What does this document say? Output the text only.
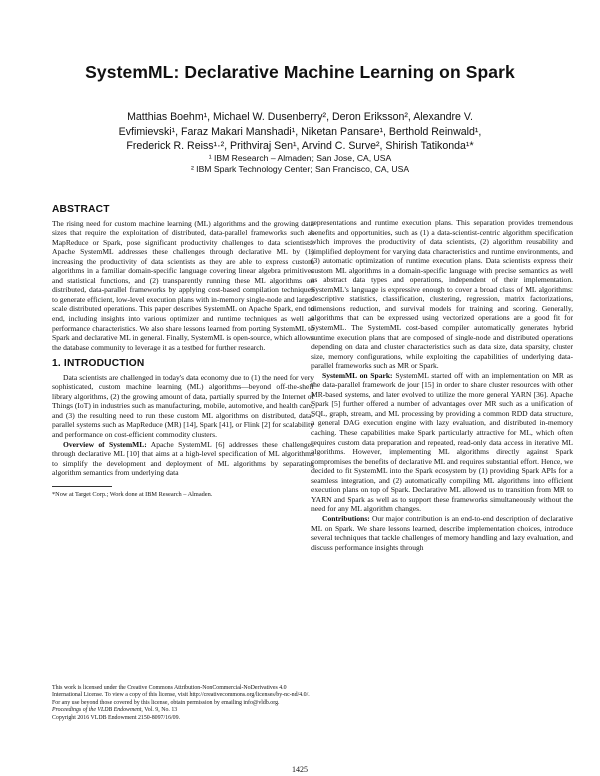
SystemML: Declarative Machine Learning on Spark
Matthias Boehm¹, Michael W. Dusenberry², Deron Eriksson², Alexandre V.
Evfimievski¹, Faraz Makari Manshadi¹, Niketan Pansare¹, Berthold Reinwald¹,
Frederick R. Reiss¹·², Prithviraj Sen¹, Arvind C. Surve², Shirish Tatikonda¹*
¹ IBM Research – Almaden; San Jose, CA, USA
² IBM Spark Technology Center; San Francisco, CA, USA
ABSTRACT

The rising need for custom machine learning (ML) algorithms and the growing data sizes that require the exploitation of distributed, data-parallel frameworks such as MapReduce or Spark, pose significant productivity challenges to data scientists. Apache SystemML addresses these challenges through declarative ML by (1) increasing the productivity of data scientists as they are able to express custom algorithms in a familiar domain-specific language covering linear algebra primitives and statistical functions, and (2) transparently running these ML algorithms on distributed, data-parallel frameworks by applying cost-based compilation techniques to generate efficient, low-level execution plans with in-memory single-node and large-scale distributed operations. This paper describes SystemML on Apache Spark, end to end, including insights into various optimizer and runtime techniques as well as performance characteristics. We also share lessons learned from porting SystemML to Spark and declarative ML in general. Finally, SystemML is open-source, which allows the database community to leverage it as a testbed for further research.

1. INTRODUCTION

Data scientists are challenged in today's data economy due to (1) the need for very sophisticated, custom machine learning (ML) algorithms—beyond off-the-shelf library algorithms, (2) the growing amount of data, partially spurred by the Internet of Things (IoT) in industries such as manufacturing, mobile, automotive, and health care, and (3) the resulting need to run these custom ML algorithms on distributed, data-parallel systems such as MapReduce (MR) [14], Spark [41], or Flink [2] for scalability and performance on cost-efficient commodity clusters.

Overview of SystemML: Apache SystemML [6] addresses these challenges through declarative ML [10] that aims at a high-level specification of ML algorithms to simplify the development and deployment of ML algorithms by separating algorithm semantics from underlying data

*Now at Target Corp.; Work done at IBM Research – Almaden.

This work is licensed under the Creative Commons Attribution-NonCommercial-NoDerivatives 4.0 International License. To view a copy of this license, visit http://creativecommons.org/licenses/by-nc-nd/4.0/. For any use beyond those covered by this license, obtain permission by emailing info@vldb.org.

Proceedings of the VLDB Endowment, Vol. 9, No. 13

Copyright 2016 VLDB Endowment 2150-8097/16/09.

representations and runtime execution plans. This separation provides tremendous benefits and opportunities, such as (1) a data-scientist-centric algorithm specification which improves the productivity of data scientists, (2) algorithm reusability and simplified deployment for varying data characteristics and runtime environments, and (3) automatic optimization of runtime execution plans. Data scientists express their custom ML algorithms in a domain-specific language with precise semantics as well as abstract data types and operations, independent of their implementation. SystemML's language is expressive enough to cover a broad class of ML algorithms: descriptive statistics, classification, clustering, regression, matrix factorizations, dimensions reduction, and survival models for training and scoring. Generally, algorithms that can be expressed using vectorized operations are a good fit for SystemML. The SystemML cost-based compiler automatically generates hybrid runtime execution plans that are composed of single-node and distributed operations depending on data and cluster characteristics such as data size, data sparsity, cluster size, memory configurations, while exploiting the capabilities of underlying data-parallel frameworks such as MR or Spark.

SystemML on Spark: SystemML started off with an implementation on MR as the data-parallel framework de jour [15] in order to share cluster resources with other MR-based systems, and later evolved to utilize the more general YARN [36]. Apache Spark [5] further offered a number of advantages over MR such as a unification of SQL, graph, stream, and ML processing by providing a common RDD data structure, a general DAG execution engine with lazy evaluation, and distributed in-memory caching. These capabilities make Spark particularly attractive for ML, which often requires custom data preparation and repeated, read-only data access in iterative ML algorithms. However, implementing ML algorithms directly against Spark compromises the benefits of declarative ML and requires substantial effort. Hence, we decided to fit SystemML into the Spark ecosystem by (1) providing Spark APIs for a seamless integration, and (2) automatically compiling ML algorithms into efficient execution plans on top of Spark. Declarative ML allowed us to transition from MR to YARN and Spark as well as to support these frameworks simultaneously without the need for any ML algorithm changes.

Contributions: Our major contribution is an end-to-end description of declarative ML on Spark. We share lessons learned, describe implementation choices, introduce several techniques that tackle challenges of memory handling and lazy evaluation, and discuss performance insights through

1425
